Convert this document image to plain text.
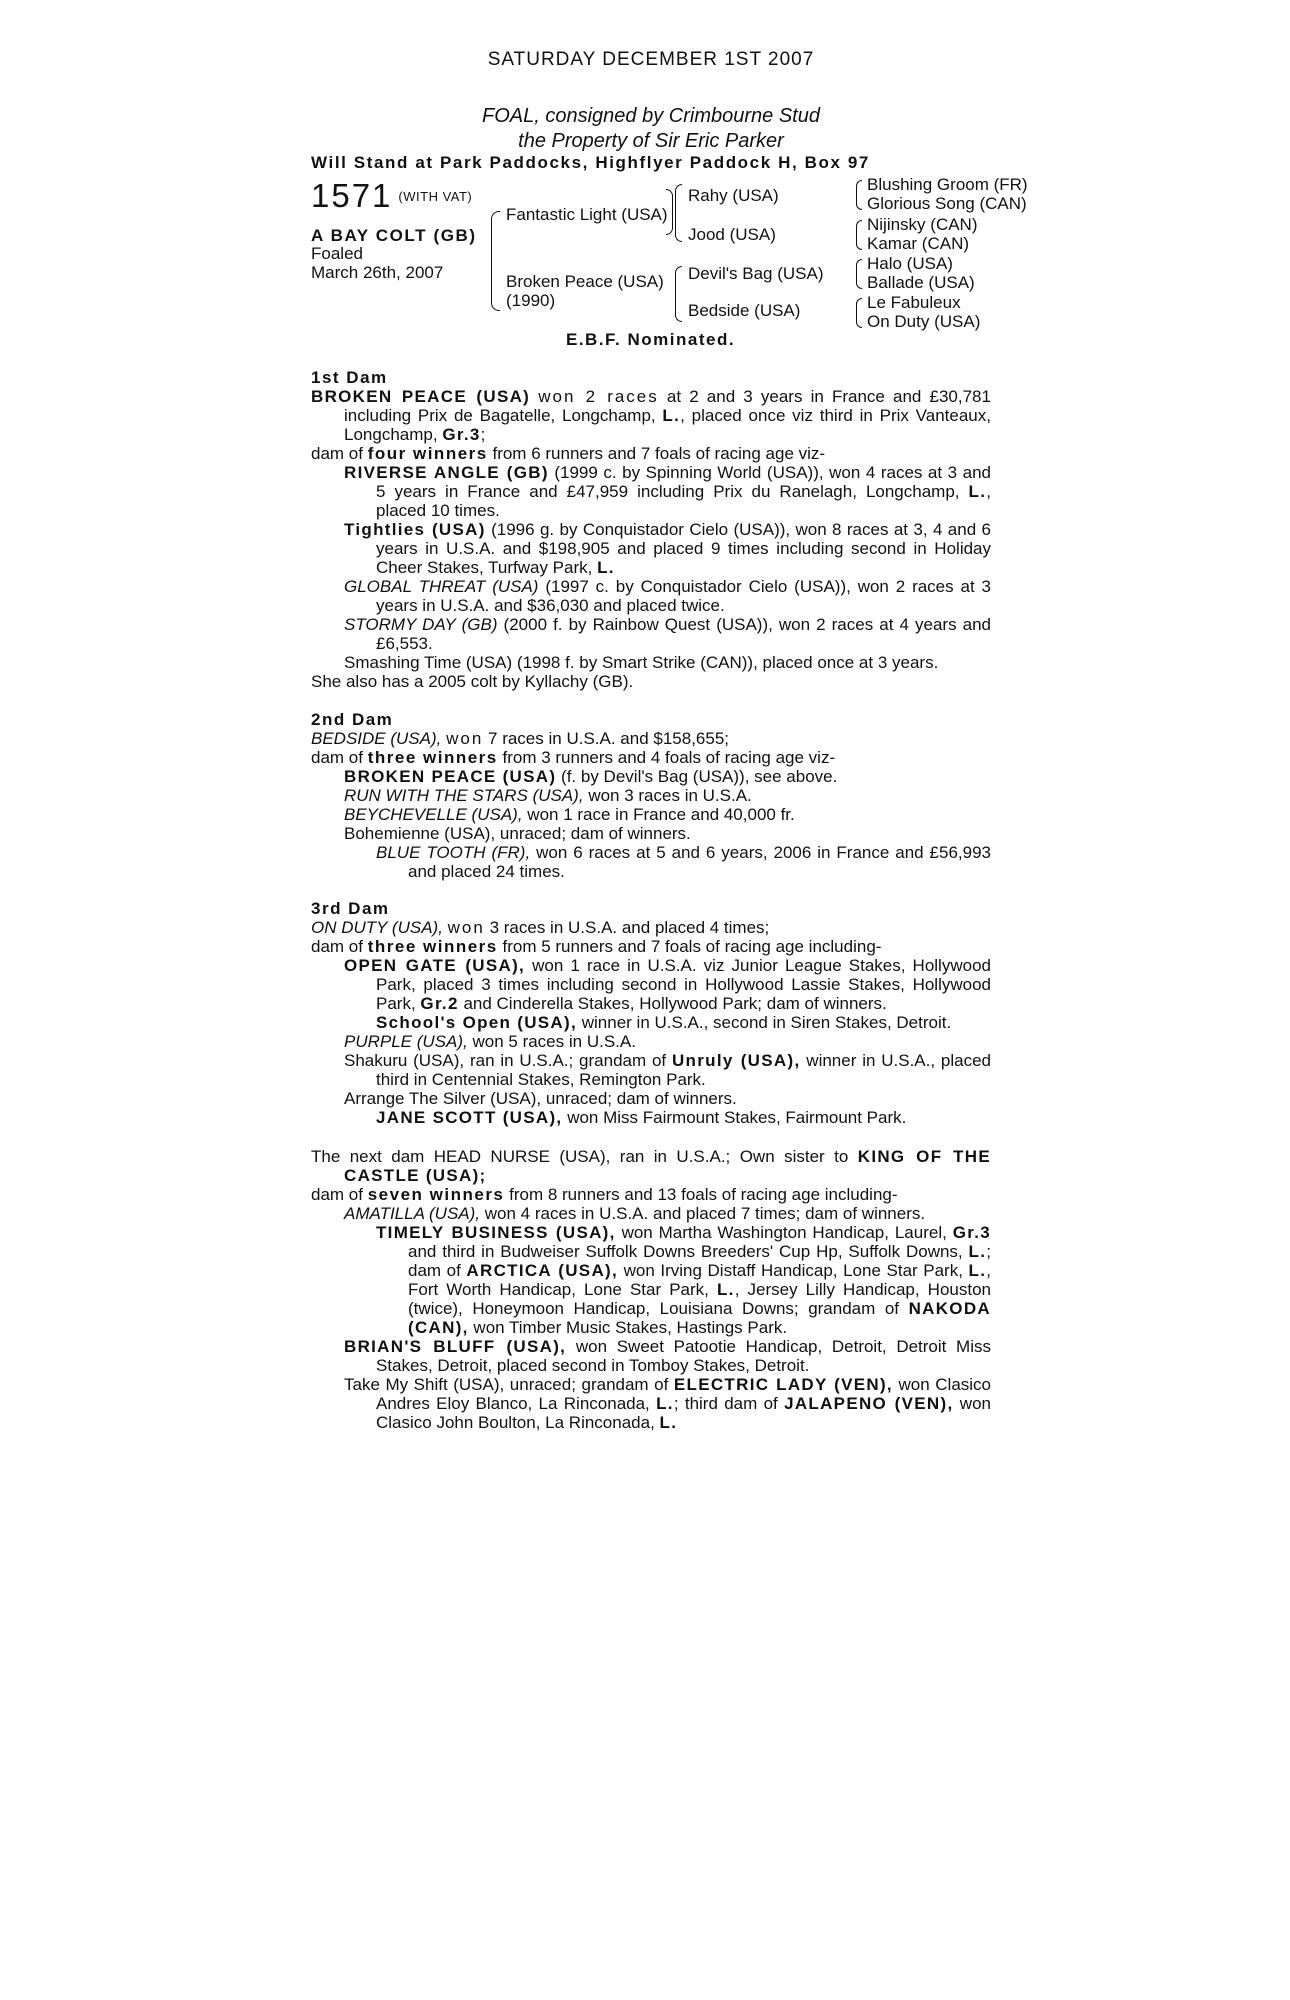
SATURDAY DECEMBER 1ST 2007
FOAL, consigned by Crimbourne Stud
the Property of Sir Eric Parker
Will Stand at Park Paddocks, Highflyer Paddock H, Box 97
1571 (WITH VAT)
A BAY COLT (GB)
Foaled
March 26th, 2007
Fantastic Light (USA)
Broken Peace (USA)
(1990)
Rahy (USA)
Jood (USA)
Devil's Bag (USA)
Bedside (USA)
Blushing Groom (FR)
Glorious Song (CAN)
Nijinsky (CAN)
Kamar (CAN)
Halo (USA)
Ballade (USA)
Le Fabuleux
On Duty (USA)
E.B.F. Nominated.
1st Dam

BROKEN PEACE (USA) won 2 races at 2 and 3 years in France and £30,781 including Prix de Bagatelle, Longchamp, L., placed once viz third in Prix Vanteaux, Longchamp, Gr.3;

dam of four winners from 6 runners and 7 foals of racing age viz-

RIVERSE ANGLE (GB) (1999 c. by Spinning World (USA)), won 4 races at 3 and 5 years in France and £47,959 including Prix du Ranelagh, Longchamp, L., placed 10 times.

Tightlies (USA) (1996 g. by Conquistador Cielo (USA)), won 8 races at 3, 4 and 6 years in U.S.A. and $198,905 and placed 9 times including second in Holiday Cheer Stakes, Turfway Park, L.

GLOBAL THREAT (USA) (1997 c. by Conquistador Cielo (USA)), won 2 races at 3 years in U.S.A. and $36,030 and placed twice.

STORMY DAY (GB) (2000 f. by Rainbow Quest (USA)), won 2 races at 4 years and £6,553.

Smashing Time (USA) (1998 f. by Smart Strike (CAN)), placed once at 3 years.

She also has a 2005 colt by Kyllachy (GB).

2nd Dam

BEDSIDE (USA), won 7 races in U.S.A. and $158,655;

dam of three winners from 3 runners and 4 foals of racing age viz-

BROKEN PEACE (USA) (f. by Devil's Bag (USA)), see above.

RUN WITH THE STARS (USA), won 3 races in U.S.A.

BEYCHEVELLE (USA), won 1 race in France and 40,000 fr.

Bohemienne (USA), unraced; dam of winners.

BLUE TOOTH (FR), won 6 races at 5 and 6 years, 2006 in France and £56,993 and placed 24 times.

3rd Dam

ON DUTY (USA), won 3 races in U.S.A. and placed 4 times;

dam of three winners from 5 runners and 7 foals of racing age including-

OPEN GATE (USA), won 1 race in U.S.A. viz Junior League Stakes, Hollywood Park, placed 3 times including second in Hollywood Lassie Stakes, Hollywood Park, Gr.2 and Cinderella Stakes, Hollywood Park; dam of winners.

School's Open (USA), winner in U.S.A., second in Siren Stakes, Detroit.

PURPLE (USA), won 5 races in U.S.A.

Shakuru (USA), ran in U.S.A.; grandam of Unruly (USA), winner in U.S.A., placed third in Centennial Stakes, Remington Park.

Arrange The Silver (USA), unraced; dam of winners.

JANE SCOTT (USA), won Miss Fairmount Stakes, Fairmount Park.

The next dam HEAD NURSE (USA), ran in U.S.A.; Own sister to KING OF THE CASTLE (USA);

dam of seven winners from 8 runners and 13 foals of racing age including-

AMATILLA (USA), won 4 races in U.S.A. and placed 7 times; dam of winners.

TIMELY BUSINESS (USA), won Martha Washington Handicap, Laurel, Gr.3 and third in Budweiser Suffolk Downs Breeders' Cup Hp, Suffolk Downs, L.; dam of ARCTICA (USA), won Irving Distaff Handicap, Lone Star Park, L., Fort Worth Handicap, Lone Star Park, L., Jersey Lilly Handicap, Houston (twice), Honeymoon Handicap, Louisiana Downs; grandam of NAKODA (CAN), won Timber Music Stakes, Hastings Park.

BRIAN'S BLUFF (USA), won Sweet Patootie Handicap, Detroit, Detroit Miss Stakes, Detroit, placed second in Tomboy Stakes, Detroit.

Take My Shift (USA), unraced; grandam of ELECTRIC LADY (VEN), won Clasico Andres Eloy Blanco, La Rinconada, L.; third dam of JALAPENO (VEN), won Clasico John Boulton, La Rinconada, L.
